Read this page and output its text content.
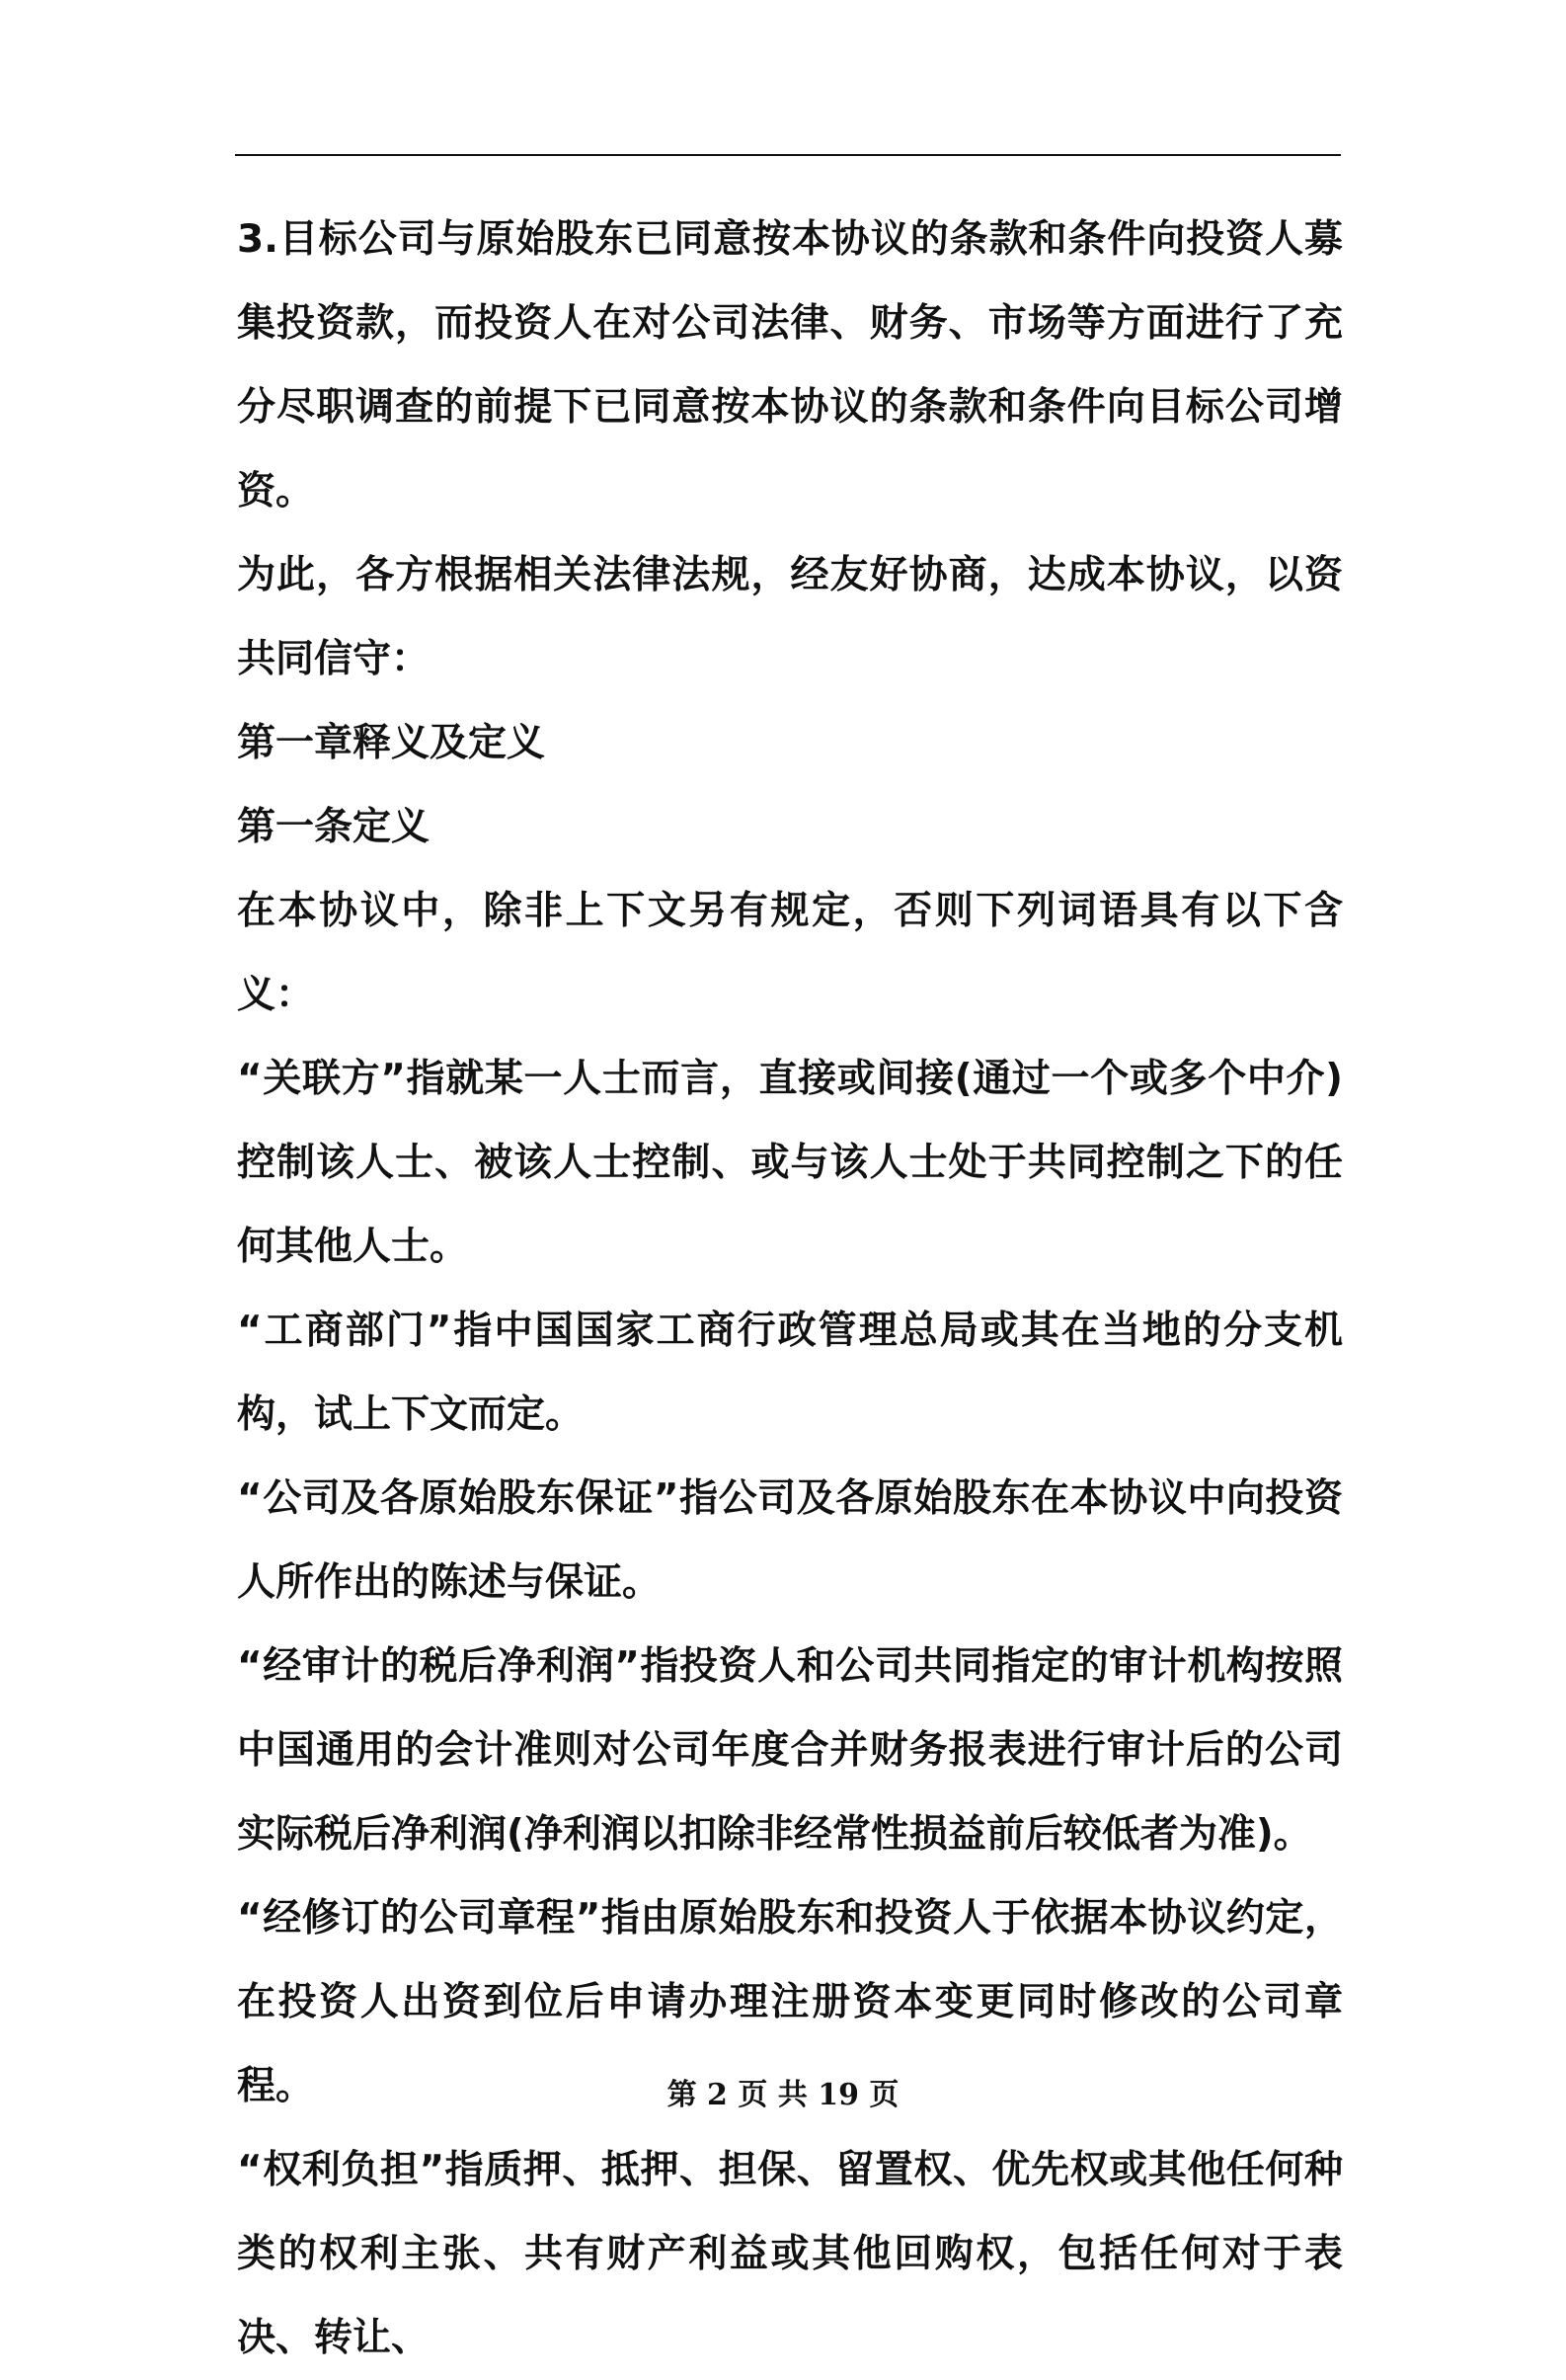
3.目标公司与原始股东已同意按本协议的条款和条件向投资人募集投资款，而投资人在对公司法律、财务、市场等方面进行了充分尽职调查的前提下已同意按本协议的条款和条件向目标公司增资。

为此，各方根据相关法律法规，经友好协商，达成本协议，以资共同信守：

第一章释义及定义

第一条定义

在本协议中，除非上下文另有规定，否则下列词语具有以下含义：

“关联方”指就某一人士而言，直接或间接(通过一个或多个中介)控制该人士、被该人士控制、或与该人士处于共同控制之下的任何其他人士。

“工商部门”指中国国家工商行政管理总局或其在当地的分支机构，试上下文而定。

“公司及各原始股东保证”指公司及各原始股东在本协议中向投资人所作出的陈述与保证。

“经审计的税后净利润”指投资人和公司共同指定的审计机构按照中国通用的会计准则对公司年度合并财务报表进行审计后的公司实际税后净利润(净利润以扣除非经常性损益前后较低者为准)。

“经修订的公司章程”指由原始股东和投资人于依据本协议约定，在投资人出资到位后申请办理注册资本变更同时修改的公司章程。

“权利负担”指质押、抵押、担保、留置权、优先权或其他任何种类的权利主张、共有财产利益或其他回购权，包括任何对于表决、转让、

第 2 页 共 19 页
